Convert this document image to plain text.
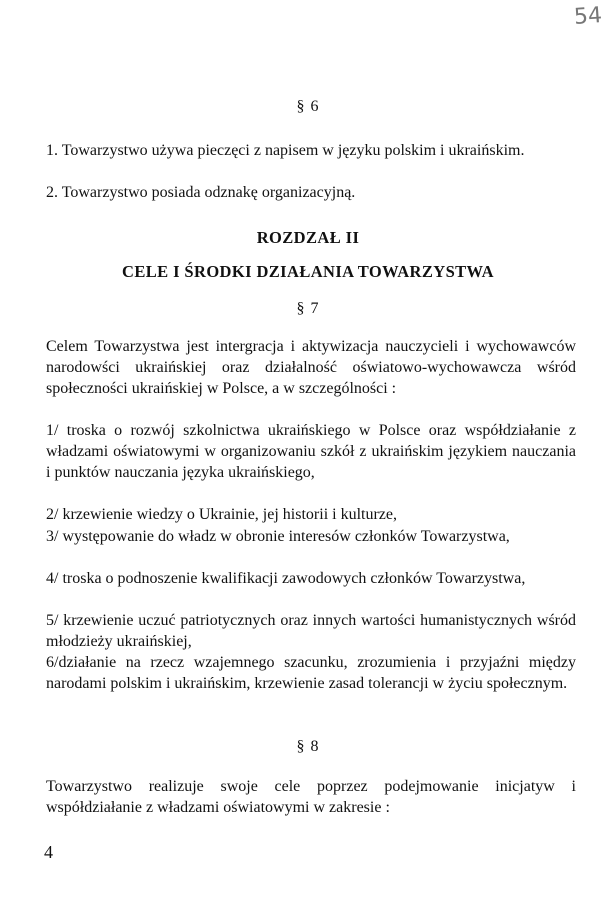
54
§ 6
1. Towarzystwo używa pieczęci z napisem w języku polskim i ukraińskim.
2. Towarzystwo posiada odznakę organizacyjną.
ROZDZAŁ II
CELE I ŚRODKI DZIAŁANIA TOWARZYSTWA
§ 7
Celem Towarzystwa jest intergracja i aktywizacja nauczycieli i wychowawców narodowści ukraińskiej oraz działalność oświatowo-wychowawcza wśród społeczności ukraińskiej w Polsce, a w szczególności :
1/ troska o rozwój szkolnictwa ukraińskiego w Polsce oraz współdziałanie z władzami oświatowymi w organizowaniu szkół z ukraińskim językiem nauczania i punktów nauczania języka ukraińskiego,
2/ krzewienie wiedzy o Ukrainie, jej historii i kulturze,
3/ występowanie do władz w obronie interesów członków Towarzystwa,
4/ troska o podnoszenie kwalifikacji zawodowych członków Towarzystwa,
5/ krzewienie uczuć patriotycznych oraz innych wartości humanistycznych wśród młodzieży ukraińskiej,
6/działanie na rzecz wzajemnego szacunku, zrozumienia i przyjaźni między narodami polskim i ukraińskim, krzewienie zasad tolerancji w życiu społecznym.
§ 8
Towarzystwo realizuje swoje cele poprzez podejmowanie inicjatyw i współdziałanie z władzami oświatowymi w zakresie :
4
